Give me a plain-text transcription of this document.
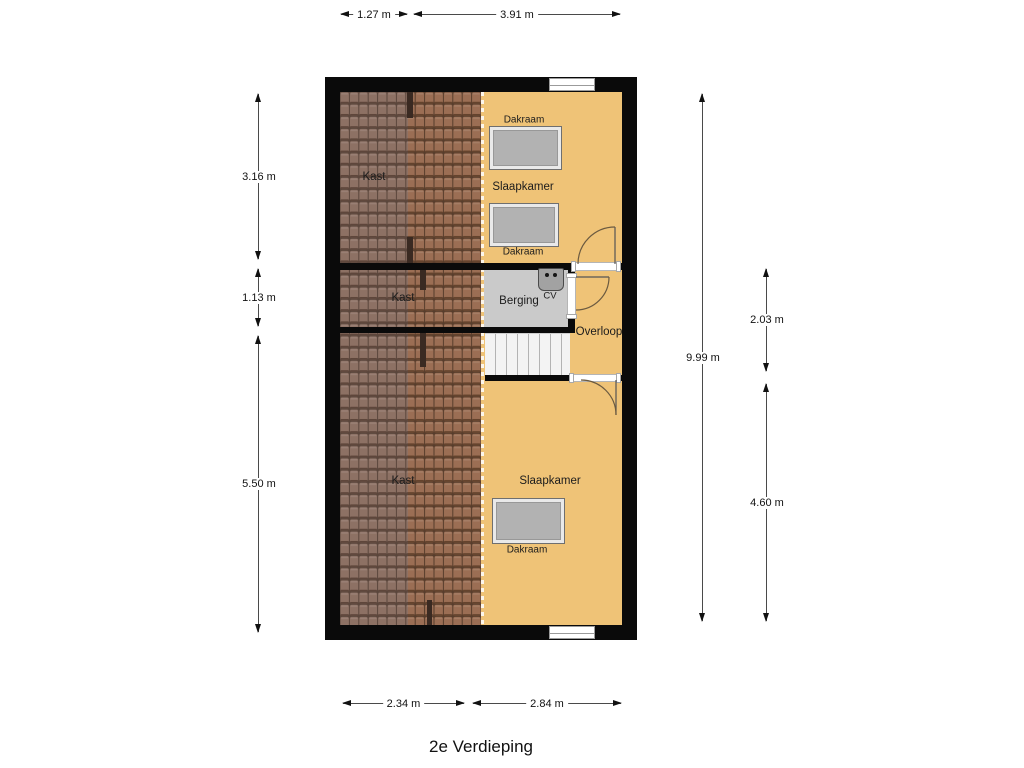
Kast
Kast
Kast
Dakraam
Slaapkamer
Dakraam
Berging CV
Overloop
Slaapkamer
Dakraam
1.27 m	3.91 m
3.16 m
1.13 m
5.50 m
9.99 m
2.03 m
4.60 m
2.34 m	2.84 m
2e Verdieping
